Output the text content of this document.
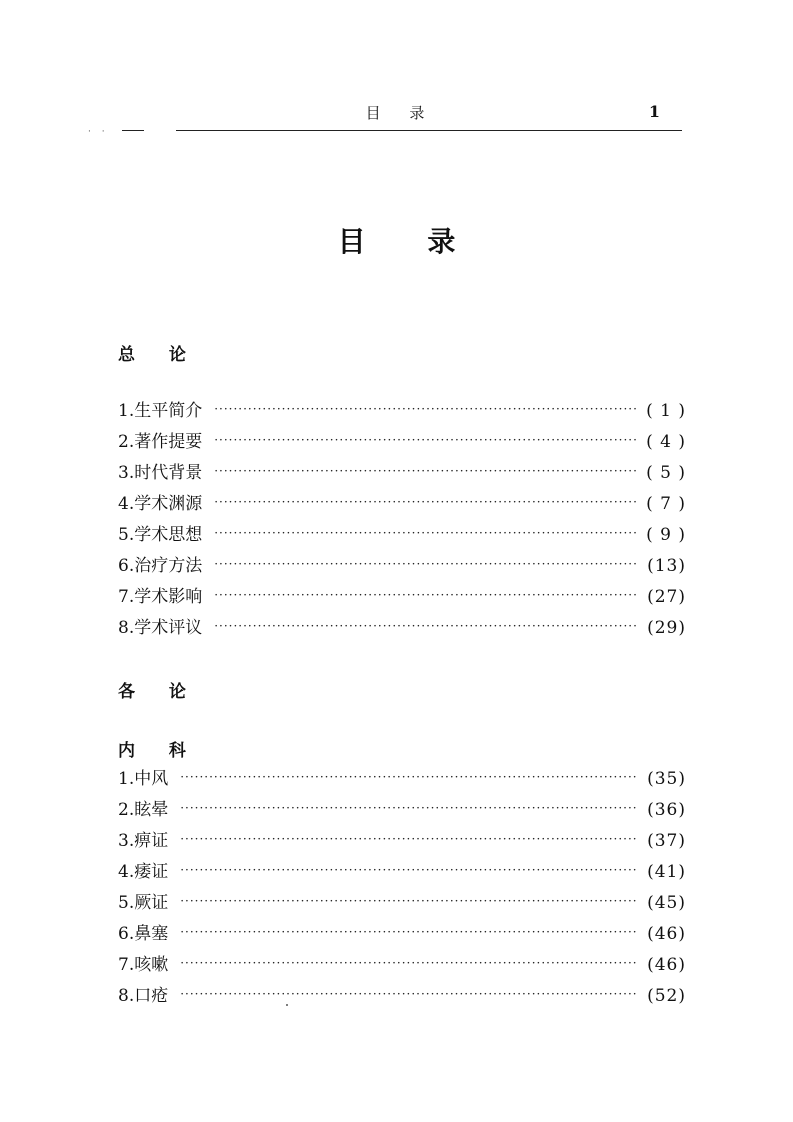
目 录	1
· ·
目 录
总 论
1.生平简介 ·····	( 1 )
2.著作提要 ·····	( 4 )
3.时代背景 ·····	( 5 )
4.学术渊源 ·····	( 7 )
5.学术思想 ·····	( 9 )
6.治疗方法 ·····	(13)
7.学术影响 ·····	(27)
8.学术评议 ·····	(29)
各 论
内 科
1.中风 ·····	(35)
2.眩晕 ·····	(36)
3.痹证 ·····	(37)
4.痿证 ·····	(41)
5.厥证 ·····	(45)
6.鼻塞 ·····	(46)
7.咳嗽 ·····	(46)
8.口疮 ·····	(52)
